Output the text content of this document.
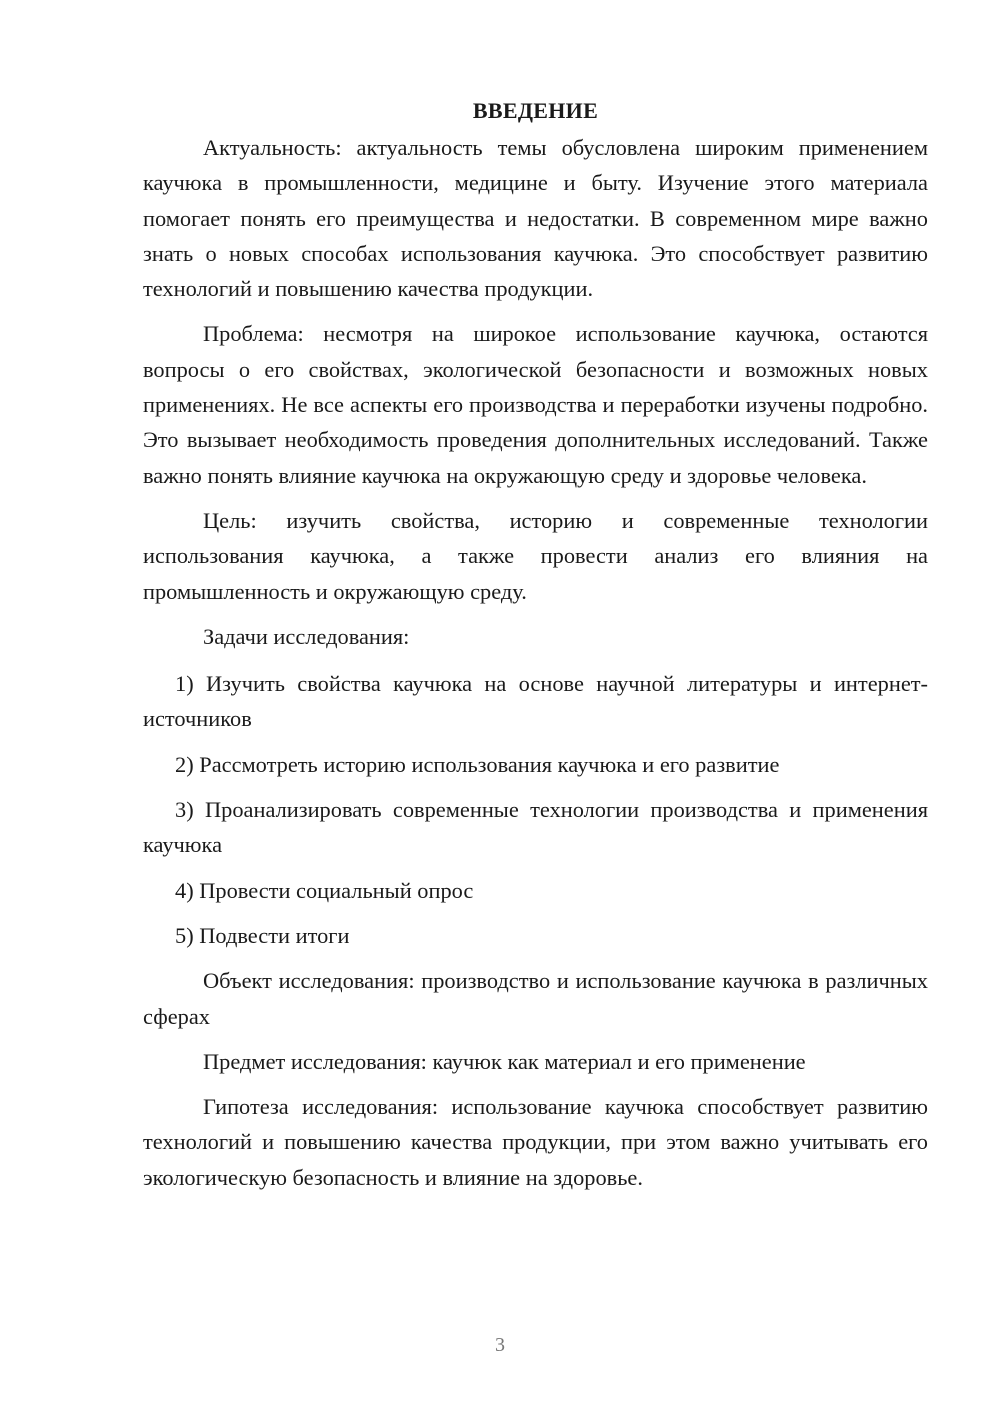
ВВЕДЕНИЕ

Актуальность: актуальность темы обусловлена широким применением каучюка в промышленности, медицине и быту. Изучение этого материала помогает понять его преимущества и недостатки. В современном мире важно знать о новых способах использования каучюка. Это способствует развитию технологий и повышению качества продукции.

Проблема: несмотря на широкое использование каучюка, остаются вопросы о его свойствах, экологической безопасности и возможных новых применениях. Не все аспекты его производства и переработки изучены подробно. Это вызывает необходимость проведения дополнительных исследований. Также важно понять влияние каучюка на окружающую среду и здоровье человека.

Цель: изучить свойства, историю и современные технологии использования каучюка, а также провести анализ его влияния на промышленность и окружающую среду.

Задачи исследования:

1) Изучить свойства каучюка на основе научной литературы и интернет-источников

2) Рассмотреть историю использования каучюка и его развитие

3) Проанализировать современные технологии производства и применения каучюка

4) Провести социальный опрос

5) Подвести итоги

Объект исследования: производство и использование каучюка в различных сферах

Предмет исследования: каучюк как материал и его применение

Гипотеза исследования: использование каучюка способствует развитию технологий и повышению качества продукции, при этом важно учитывать его экологическую безопасность и влияние на здоровье.

3
